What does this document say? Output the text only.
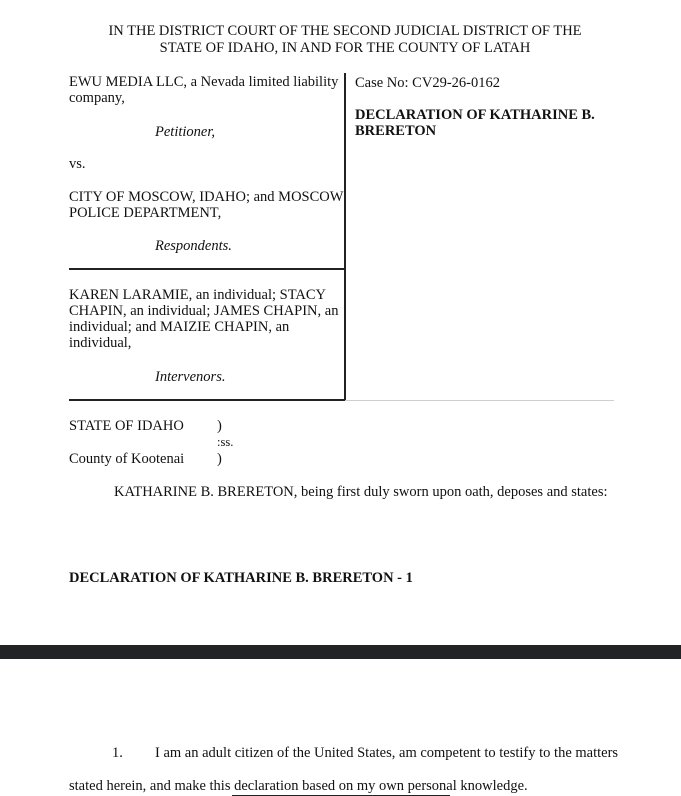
IN THE DISTRICT COURT OF THE SECOND JUDICIAL DISTRICT OF THE
STATE OF IDAHO, IN AND FOR THE COUNTY OF LATAH
EWU MEDIA LLC, a Nevada limited liability
company,
Petitioner,
vs.
CITY OF MOSCOW, IDAHO; and MOSCOW
POLICE DEPARTMENT,
Respondents.
KAREN LARAMIE, an individual; STACY
CHAPIN, an individual; JAMES CHAPIN, an
individual; and MAIZIE CHAPIN, an
individual,
Intervenors.
Case No: CV29-26-0162
DECLARATION OF KATHARINE B.
BRERETON
STATE OF IDAHO )
:ss.
County of Kootenai )
KATHARINE B. BRERETON, being first duly sworn upon oath, deposes and states:
DECLARATION OF KATHARINE B. BRERETON - 1
1. I am an adult citizen of the United States, am competent to testify to the matters
stated herein, and make this declaration based on my own personal knowledge.
